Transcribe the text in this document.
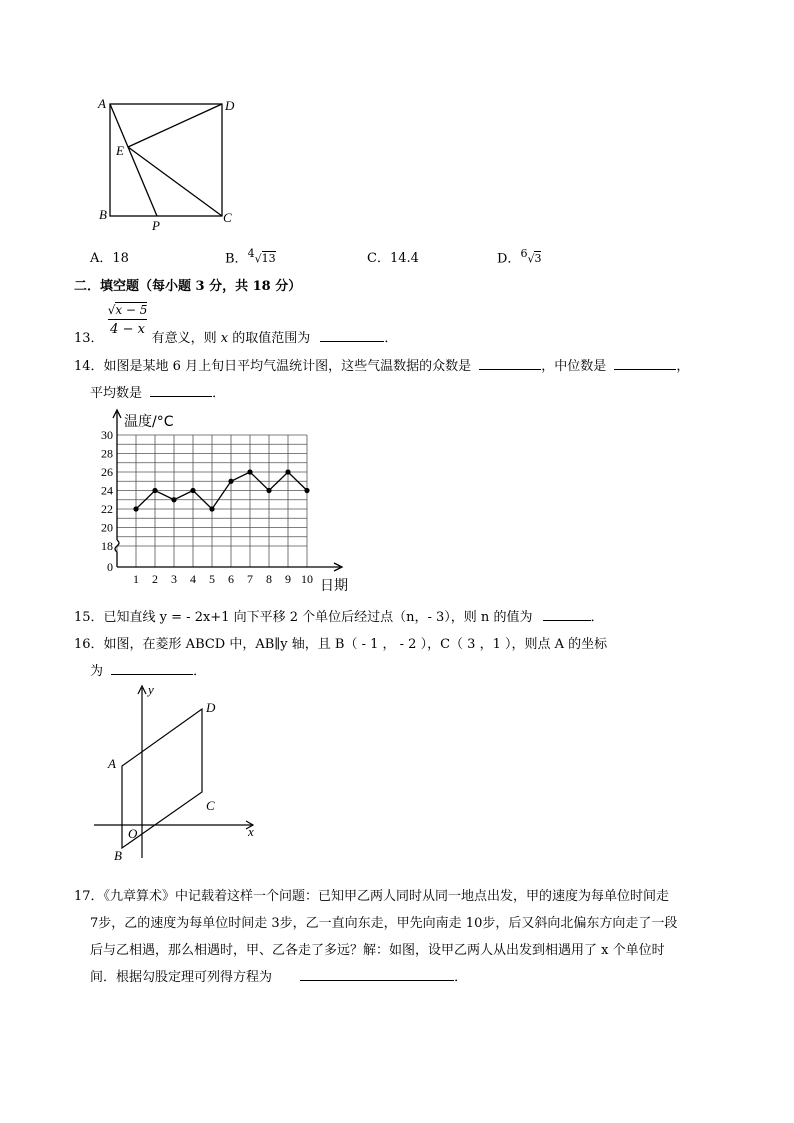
A	D
E
B	C
P
A．18	B．$^4$√13	C．14.4	D．$^6$√3
二．填空题（每小题 3 分，共 18 分）
13．
$\frac{√x - 5}{4 - x}$
有意义，则 x 的取值范围为	．
14．如图是某地 6 月上旬日平均气温统计图，这些气温数据的众数是	，中位数是	，
平均数是	．
0
18
20
22
24
26
28
30
1 2 3 4 5 6 7 8 9 10
温度/°C
日期
15．已知直线 y = - 2x+1 向下平移 2 个单位后经过点（n，- 3），则 n 的值为	．
16．如图，在菱形 ABCD 中，AB∥y 轴，且 B（ - 1 ， - 2 ），C（ 3 ，1 ），则点 A 的坐标
为	．
A
B
C
D
O	x
y
17．《九章算术》中记载着这样一个问题：已知甲乙两人同时从同一地点出发，甲的速度为每单位时间走
7步，乙的速度为每单位时间走 3步，乙一直向东走，甲先向南走 10步，后又斜向北偏东方向走了一段
后与乙相遇，那么相遇时，甲、乙各走了多远？解：如图，设甲乙两人从出发到相遇用了 x 个单位时
间．根据勾股定理可列得方程为	．
